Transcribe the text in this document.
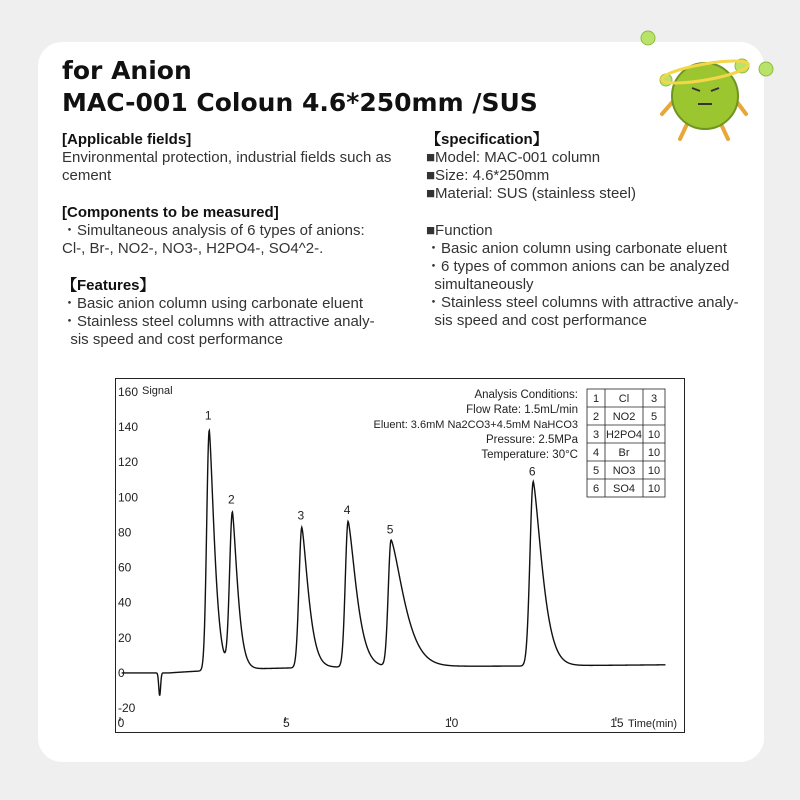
for Anion
MAC-001 Coloun 4.6*250mm /SUS
[Applicable fields]
Environmental protection, industrial fields such as cement
[Components to be measured]
・Simultaneous analysis of 6 types of anions:
Cl-, Br-, NO2-, NO3-, H2PO4-, SO4^2-.
【Features】
・Basic anion column using carbonate eluent
・Stainless steel columns with attractive analy-
sis speed and cost performance
【specification】
■Model: MAC-001 column
■Size: 4.6*250mm
■Material: SUS (stainless steel)
■Function
・Basic anion column using carbonate eluent
・6 types of common anions can be analyzed
simultaneously
・Stainless steel columns with attractive analy-
sis speed and cost performance
160
140
120
100
80
60
40
20
0
-20
0	5	10	15
Signal
Time(min)
1
2
3	4
5
6
Analysis Conditions:
Flow Rate: 1.5mL/min
Eluent: 3.6mM Na2CO3+4.5mM NaHCO3
Pressure: 2.5MPa
Temperature: 30°C
1 Cl 3
2 NO2 5
3 H2PO4 10
4 Br 10
5 NO3 10
6 SO4 10
